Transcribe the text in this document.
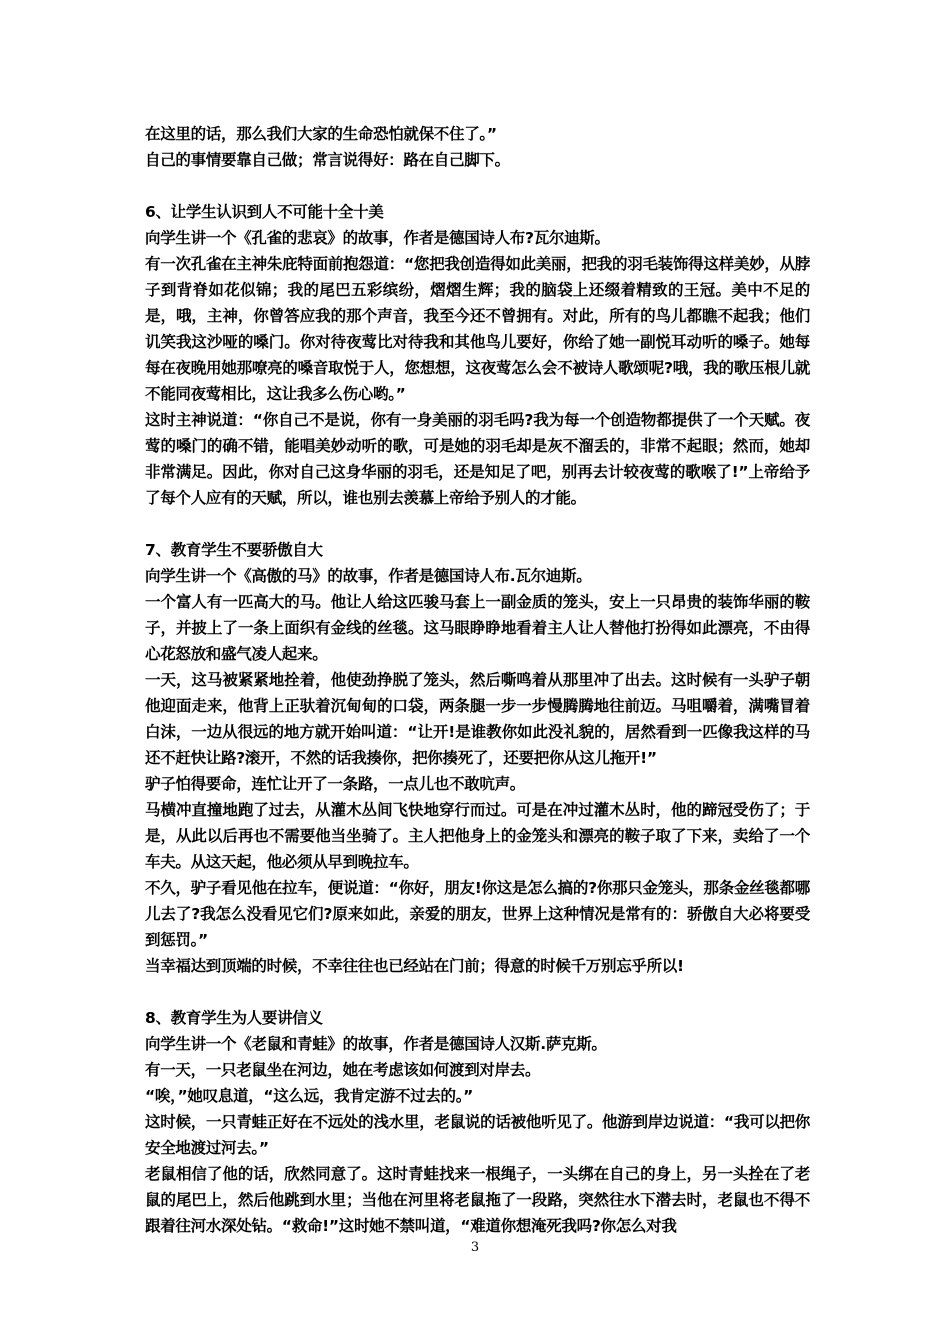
在这里的话，那么我们大家的生命恐怕就保不住了。”

自己的事情要靠自己做；常言说得好：路在自己脚下。

6、让学生认识到人不可能十全十美

向学生讲一个《孔雀的悲哀》的故事，作者是德国诗人布?瓦尔迪斯。

有一次孔雀在主神朱庇特面前抱怨道：“您把我创造得如此美丽，把我的羽毛装饰得这样美妙，从脖子到背脊如花似锦；我的尾巴五彩缤纷，熠熠生辉；我的脑袋上还缀着精致的王冠。美中不足的是，哦，主神，你曾答应我的那个声音，我至今还不曾拥有。对此，所有的鸟儿都瞧不起我；他们讥笑我这沙哑的嗓门。你对待夜莺比对待我和其他鸟儿要好，你给了她一副悦耳动听的嗓子。她每每在夜晚用她那嘹亮的嗓音取悦于人，您想想，这夜莺怎么会不被诗人歌颂呢?哦，我的歌压根儿就不能同夜莺相比，这让我多么伤心哟。”

这时主神说道：“你自己不是说，你有一身美丽的羽毛吗?我为每一个创造物都提供了一个天赋。夜莺的嗓门的确不错，能唱美妙动听的歌，可是她的羽毛却是灰不溜丢的，非常不起眼；然而，她却非常满足。因此，你对自己这身华丽的羽毛，还是知足了吧，别再去计较夜莺的歌喉了!”上帝给予了每个人应有的天赋，所以，谁也别去羡慕上帝给予别人的才能。

7、教育学生不要骄傲自大

向学生讲一个《高傲的马》的故事，作者是德国诗人布.瓦尔迪斯。

一个富人有一匹高大的马。他让人给这匹骏马套上一副金质的笼头，安上一只昂贵的装饰华丽的鞍子，并披上了一条上面织有金线的丝毯。这马眼睁睁地看着主人让人替他打扮得如此漂亮，不由得心花怒放和盛气凌人起来。

一天，这马被紧紧地拴着，他使劲挣脱了笼头，然后嘶鸣着从那里冲了出去。这时候有一头驴子朝他迎面走来，他背上正驮着沉甸甸的口袋，两条腿一步一步慢腾腾地往前迈。马咀嚼着，满嘴冒着白沫，一边从很远的地方就开始叫道：“让开!是谁教你如此没礼貌的，居然看到一匹像我这样的马还不赶快让路?滚开，不然的话我揍你，把你揍死了，还要把你从这儿拖开!”

驴子怕得要命，连忙让开了一条路，一点儿也不敢吭声。

马横冲直撞地跑了过去，从灌木丛间飞快地穿行而过。可是在冲过灌木丛时，他的蹄冠受伤了；于是，从此以后再也不需要他当坐骑了。主人把他身上的金笼头和漂亮的鞍子取了下来，卖给了一个车夫。从这天起，他必须从早到晚拉车。

不久，驴子看见他在拉车，便说道：“你好，朋友!你这是怎么搞的?你那只金笼头，那条金丝毯都哪儿去了?我怎么没看见它们?原来如此，亲爱的朋友，世界上这种情况是常有的：骄傲自大必将要受到惩罚。”

当幸福达到顶端的时候，不幸往往也已经站在门前；得意的时候千万别忘乎所以!

8、教育学生为人要讲信义

向学生讲一个《老鼠和青蛙》的故事，作者是德国诗人汉斯.萨克斯。

有一天，一只老鼠坐在河边，她在考虑该如何渡到对岸去。

“唉，”她叹息道，“这么远，我肯定游不过去的。”

这时候，一只青蛙正好在不远处的浅水里，老鼠说的话被他听见了。他游到岸边说道：“我可以把你安全地渡过河去。”

老鼠相信了他的话，欣然同意了。这时青蛙找来一根绳子，一头绑在自己的身上，另一头拴在了老鼠的尾巴上，然后他跳到水里；当他在河里将老鼠拖了一段路，突然往水下潜去时，老鼠也不得不跟着往河水深处钻。“救命!”这时她不禁叫道，“难道你想淹死我吗?你怎么对我

3
